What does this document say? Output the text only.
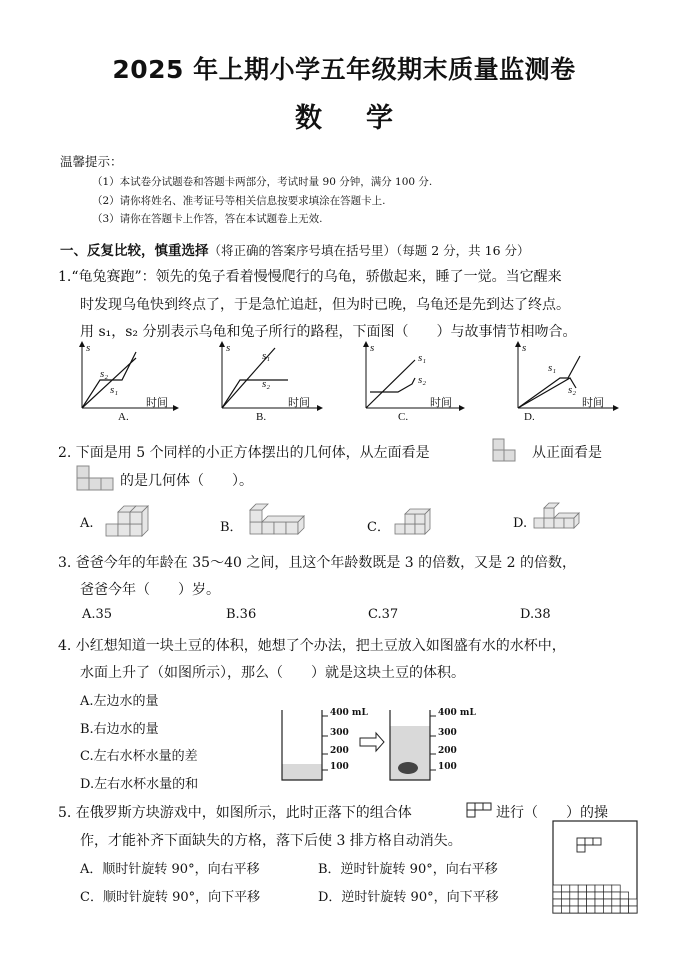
2025 年上期小学五年级期末质量监测卷
数 学
温馨提示：
（1）本试卷分试题卷和答题卡两部分，考试时量 90 分钟，满分 100 分.
（2）请你将姓名、准考证号等相关信息按要求填涂在答题卡上.
（3）请你在答题卡上作答，答在本试题卷上无效.
一、反复比较，慎重选择（将正确的答案序号填在括号里）（每题 2 分，共 16 分）
1.“龟兔赛跑”：领先的兔子看着慢慢爬行的乌龟，骄傲起来，睡了一觉。当它醒来
时发现乌龟快到终点了，于是急忙追赶，但为时已晚，乌龟还是先到达了终点。
用 s₁，s₂ 分别表示乌龟和兔子所行的路程，下面图（　　）与故事情节相吻合。
s
时间
s₂
s₁
A.
s
时间
s₁
s₂
B.
s
时间
s₁
s₂
C.
s
时间
s₁
s₂
D.
2. 下面是用 5 个同样的小正方体摆出的几何体，从左面看是	从正面看是
的是几何体（　　）。
A.	B．	C．	D.
3. 爸爸今年的年龄在 35～40 之间，且这个年龄数既是 3 的倍数，又是 2 的倍数，
爸爸今年（　　）岁。
A.35	B.36	C.37	D.38
4. 小红想知道一块土豆的体积，她想了个办法，把土豆放入如图盛有水的水杯中，
水面上升了（如图所示），那么（　　）就是这块土豆的体积。
A.左边水的量
B.右边水的量
C.左右水杯水量的差
D.左右水杯水量的和
400 mL
300
200
100
400 mL
300
200
100
5. 在俄罗斯方块游戏中，如图所示，此时正落下的组合体	进行（　　）的操
作，才能补齐下面缺失的方格，落下后使 3 排方格自动消失。
A．顺时针旋转 90°，向右平移	B．逆时针旋转 90°，向右平移
C．顺时针旋转 90°，向下平移	D．逆时针旋转 90°，向下平移
